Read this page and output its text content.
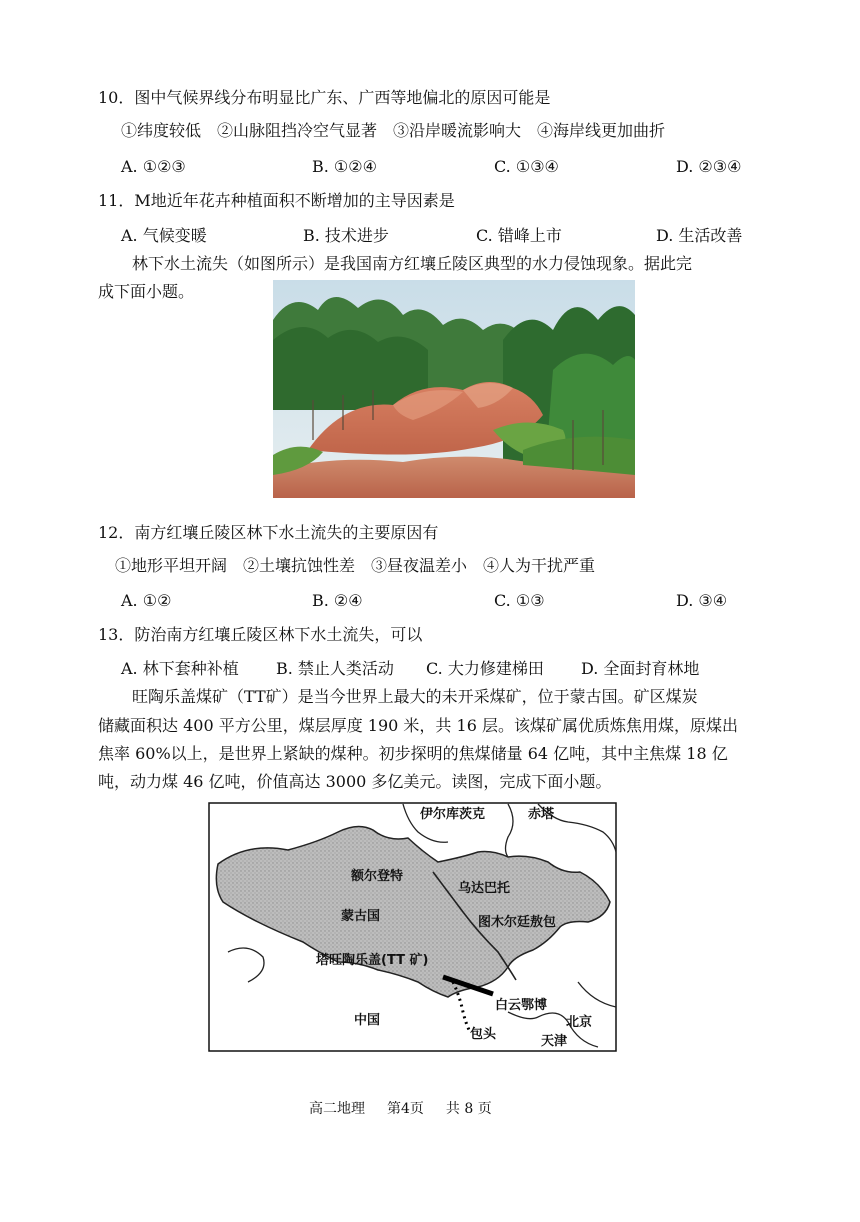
10．图中气候界线分布明显比广东、广西等地偏北的原因可能是
①纬度较低　②山脉阻挡冷空气显著　③沿岸暖流影响大　④海岸线更加曲折
A. ①②③	B. ①②④	C. ①③④	D. ②③④
11．M地近年花卉种植面积不断增加的主导因素是
A. 气候变暖	B. 技术进步	C. 错峰上市	D. 生活改善
林下水土流失（如图所示）是我国南方红壤丘陵区典型的水力侵蚀现象。据此完
成下面小题。
12．南方红壤丘陵区林下水土流失的主要原因有
①地形平坦开阔　②土壤抗蚀性差　③昼夜温差小　④人为干扰严重
A. ①②	B. ②④	C. ①③	D. ③④
13．防治南方红壤丘陵区林下水土流失，可以
A. 林下套种补植 B. 禁止人类活动 C. 大力修建梯田 D. 全面封育林地
旺陶乐盖煤矿（TT矿）是当今世界上最大的未开采煤矿，位于蒙古国。矿区煤炭
储藏面积达 400 平方公里，煤层厚度 190 米，共 16 层。该煤矿属优质炼焦用煤，原煤出
焦率 60%以上，是世界上紧缺的煤种。初步探明的焦煤储量 64 亿吨，其中主焦煤 18 亿
吨，动力煤 46 亿吨，价值高达 3000 多亿美元。读图，完成下面小题。
伊尔库茨克	赤塔
额尔登特
乌达巴托
蒙古国	图木尔廷敖包
塔旺陶乐盖(TT 矿)
白云鄂博
中国
包头
北京
天津
高二地理 第4页 共 8 页
